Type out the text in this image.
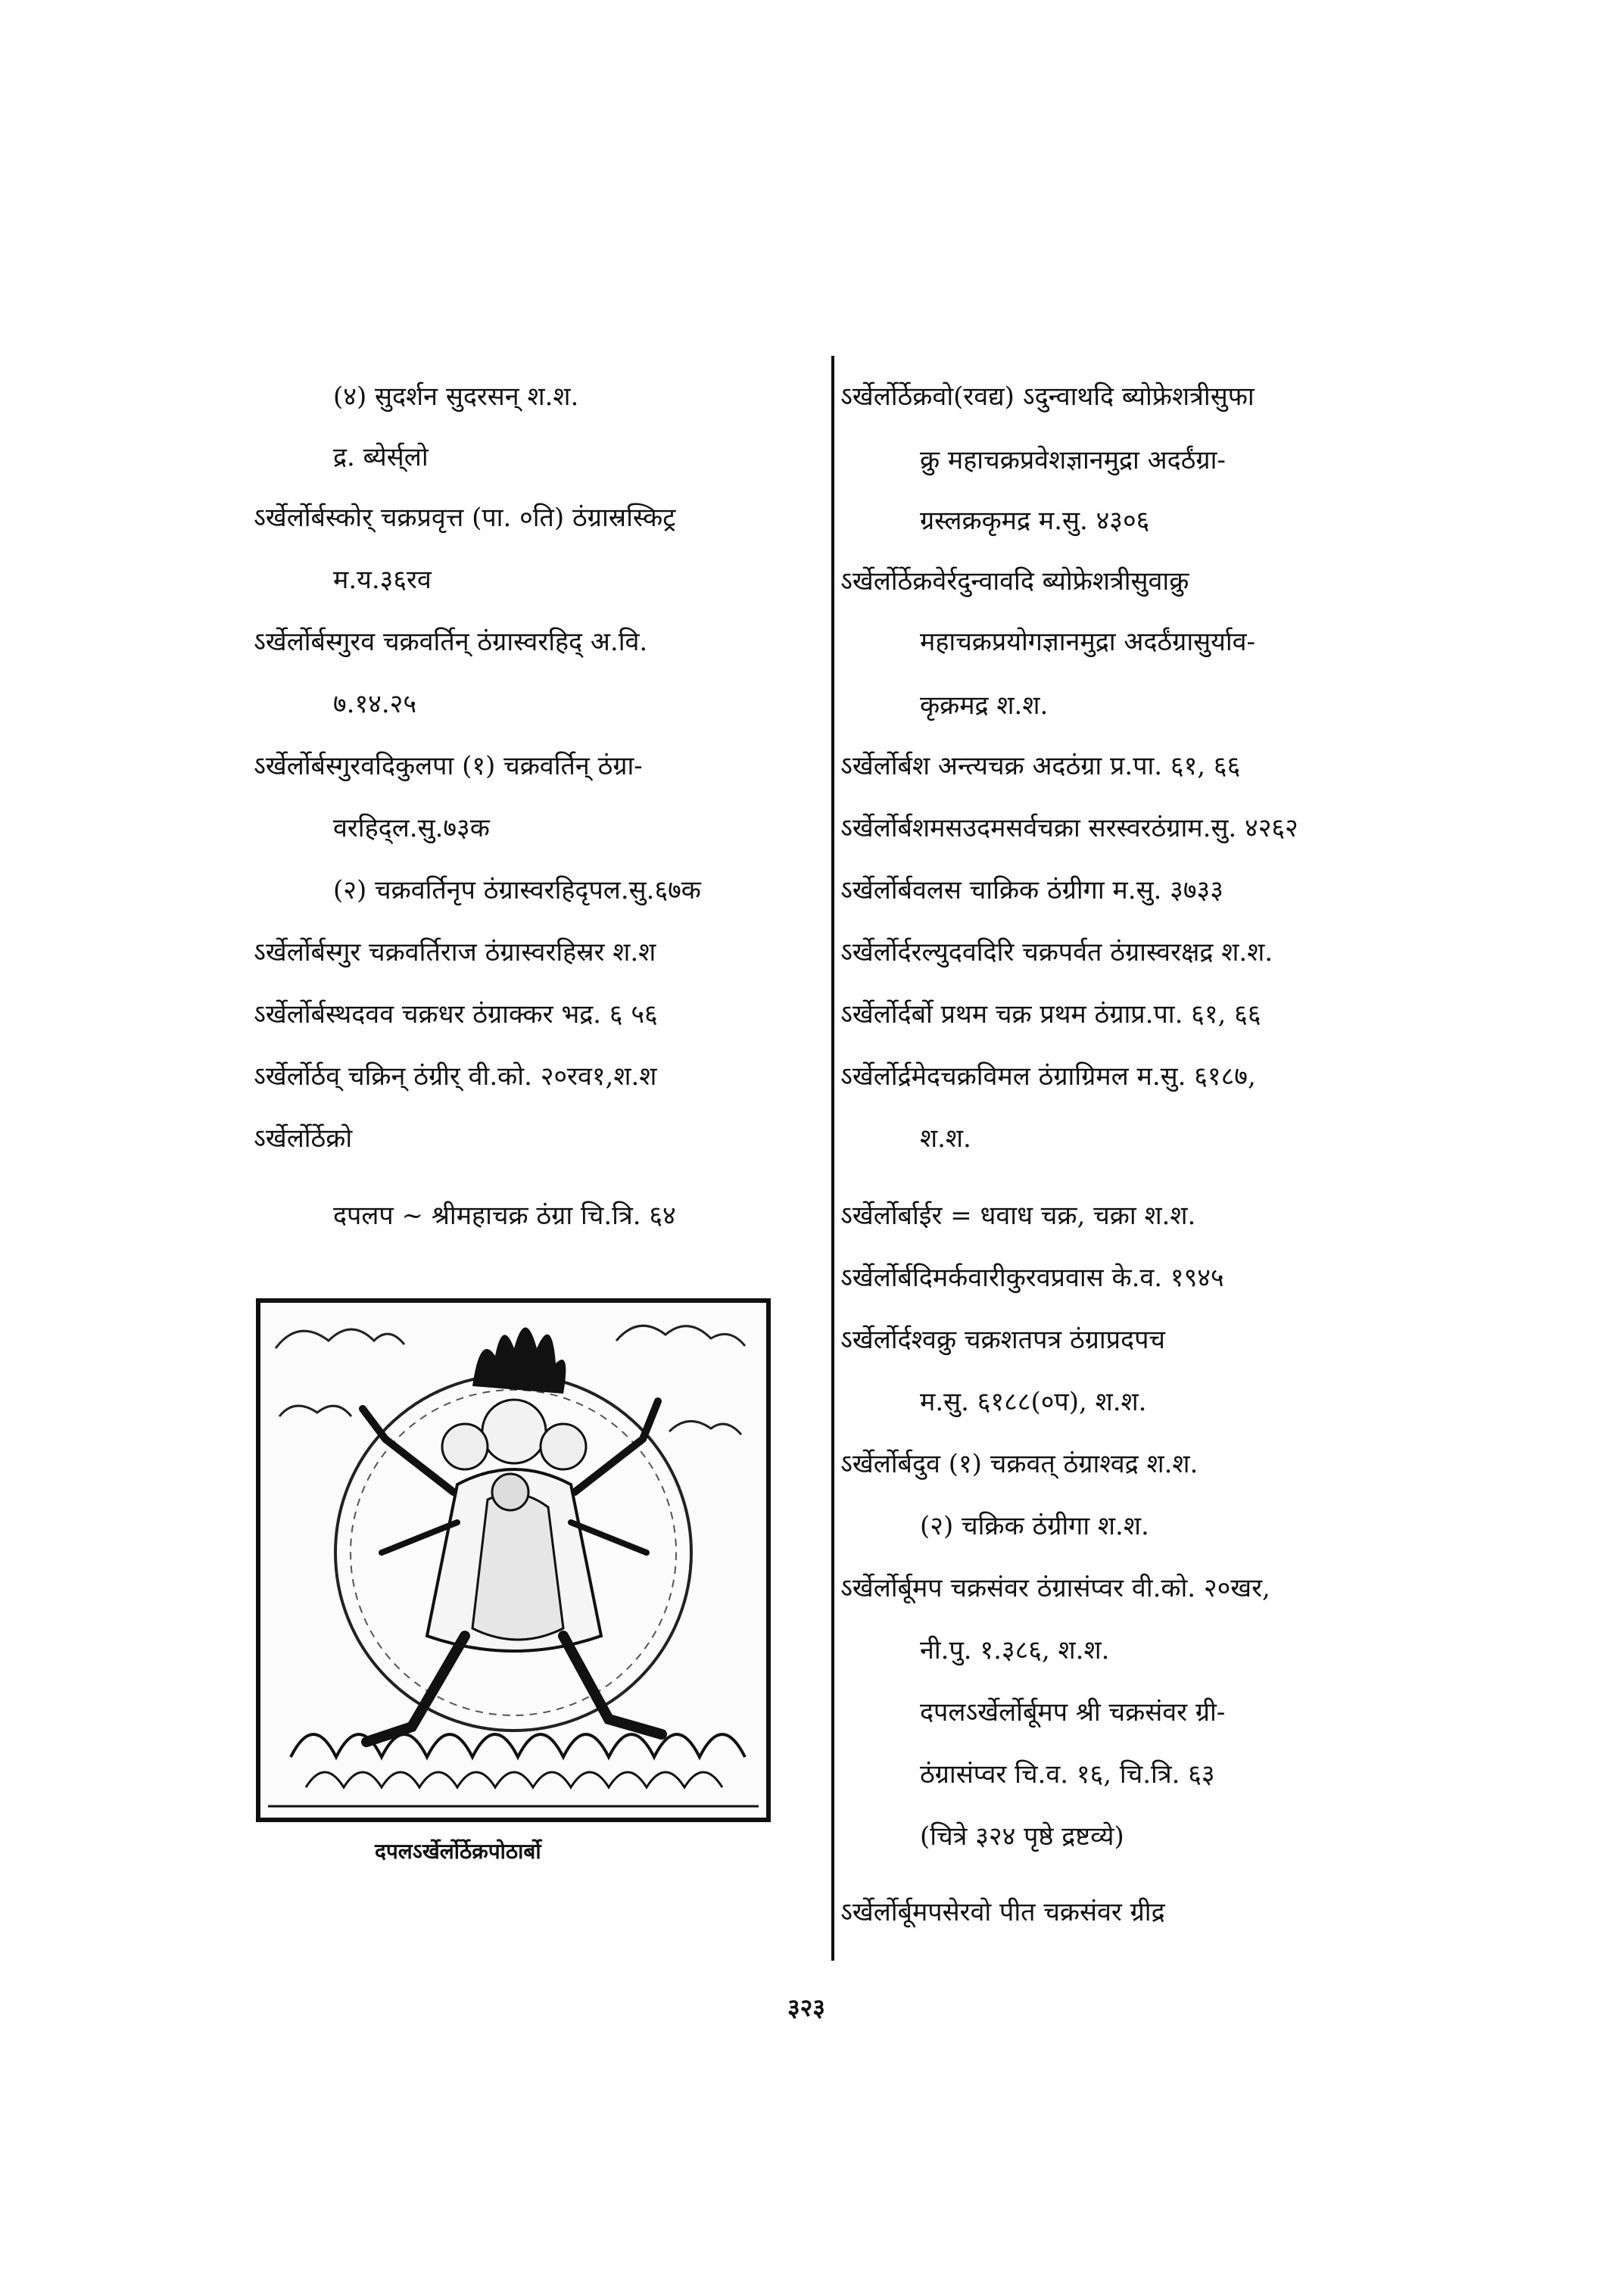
(४) सुदर्शन सुदरसन् श.श.
द्र. ब्येर्स्‌लो
ऽर्खेर्लो‌र्बस्कोर् चक्रप्रवृत्त (पा. ०ति) ठं‌ग्रास्रस्किट्र
म.य.३६रव
ऽर्खेर्लो‌र्बस्गुरव चक्रवर्तिन् ठं‌ग्रास्वरहिद् अ.वि.
७.१४.२५
ऽर्खेर्लो‌र्बस्गुरवदिकुलपा (१) चक्रवर्तिन् ठं‌ग्रा-
वरहिद्ल.सु.७३क
(२) चक्रवर्तिनृप ठं‌ग्रास्वरहिदृपल.सु.६७क
ऽर्खेर्लो‌र्बस्गुर चक्रवर्तिराज ठं‌ग्रास्वरहिस्रर श.श
ऽर्खेर्लो‌र्बस्थदवव चक्रधर ठं‌ग्राक्कर भद्र. ६ ५६
ऽर्खेर्लो‌र्ठव् चक्रिन् ठं‌ग्रीर् वी.को. २०रव१,श.श
ऽर्खेर्लो‌र्ठेक्रो
दपलप ~ श्रीमहाचक्र ठं‌ग्रा चि.त्रि. ६४
दपलऽर्खेर्लो‌र्ठेक्रपोठा‌र्बो
ऽर्खेर्लो‌र्ठेक्रवो(रवद्य) ऽदुन्वाथदि ब्योफ्रेशत्रीसुफा
क्रु महाचक्रप्रवेशज्ञानमुद्रा अदर्ठं‌ग्रा-
ग्रस्ल‌क्रकृमद्र म.सु. ४३०६
ऽर्खेर्लो‌र्ठेक्रवेर्रदुन्वावदि ब्योफ्रेशत्रीसुवाक्रु
महाचक्रप्रयोगज्ञानमुद्रा अदर्ठं‌ग्रासुर्याव-
कृक्रमद्र श.श.
ऽर्खेर्लो‌र्बश अन्त्यचक्र अदठं‌ग्रा प्र.पा. ६१, ६६
ऽर्खेर्लो‌र्बशमसउदमसर्वचक्रा सरस्वरठं‌ग्राम.सु. ४२६२
ऽर्खेर्लो‌र्बवलस चाक्रिक ठं‌ग्रीगा म.सु. ३७३३
ऽर्खेर्लो‌र्दरल्युदवदिरि चक्रपर्वत ठं‌ग्रास्वरक्षद्र श.श.
ऽर्खेर्लो‌र्दर्बो प्रथम चक्र प्रथम ठं‌ग्राप्र.पा. ६१, ६६
ऽर्खेर्लो‌र्द्रमेदचक्रविमल ठं‌ग्राग्रिमल म.सु. ६१८७,
श.श.
ऽर्खेर्लो‌र्बाईर = धवाध चक्र, चक्रा श.श.
ऽर्खेर्लो‌र्बदिमर्कवारीकुरवप्रवास के.व. १९४५
ऽर्खेर्लो‌र्दश्वक्रु चक्रशतपत्र ठं‌ग्राप्रदपच
म.सु. ६१८८(०प), श.श.
ऽर्खेर्लो‌र्बदुव (१) चक्रवत् ठं‌ग्राश्वद्र श.श.
(२) चक्रिक ठं‌ग्रीगा श.श.
ऽर्खेर्लो‌र्बूमप चक्रसंवर ठं‌ग्रासंप्वर वी.को. २०खर,
नी.पु. १.३८६, श.श.
दपलऽर्खेर्लो‌र्बूमप श्री चक्रसंवर ग्री-
ठं‌ग्रासंप्वर चि.व. १६, चि.त्रि. ६३
(चित्रे ३२४ पृष्ठे द्रष्टव्ये)
ऽर्खेर्लो‌र्बूमपसेरवो पीत चक्रसंवर ग्रीद्र
३२३
